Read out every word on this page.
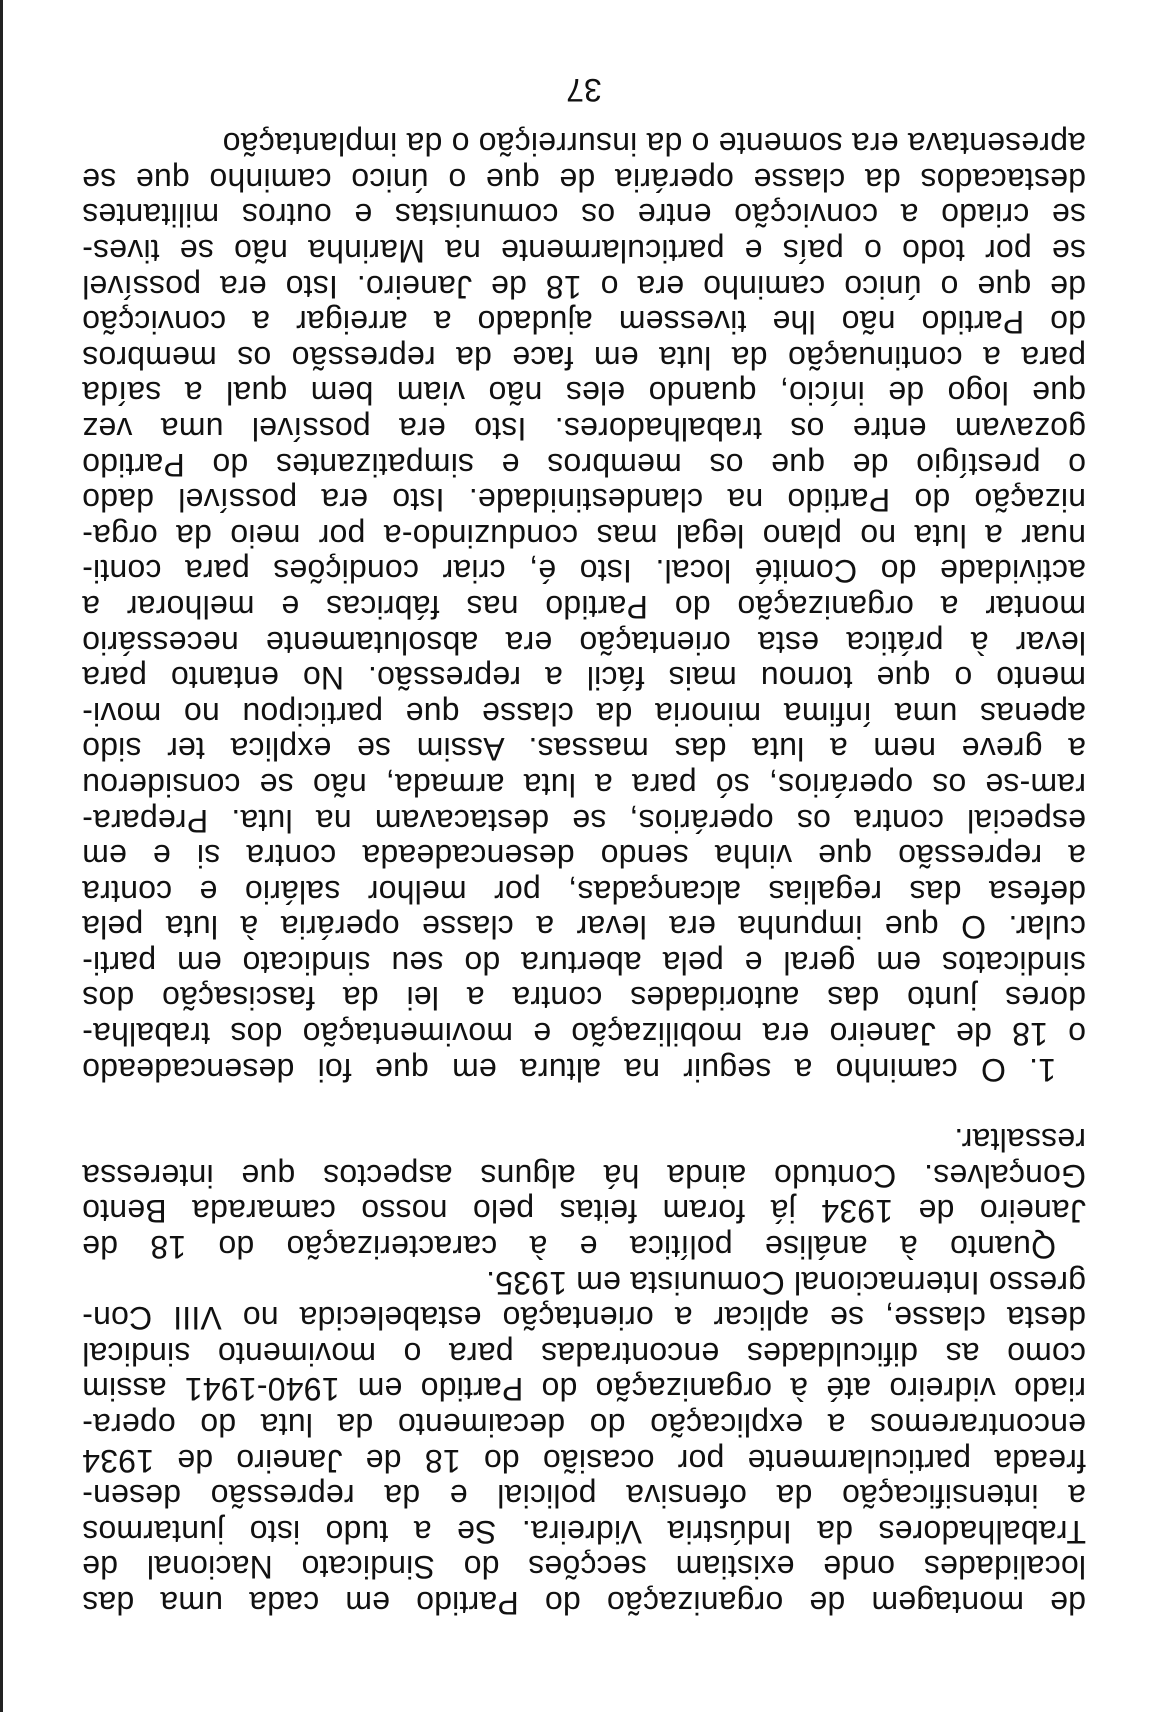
de montagem de organização do Partido em cada uma das
localidades onde existiam secções do Sindicato Nacional de
Trabalhadores da Indústria Vidreira. Se a tudo isto juntarmos
a intensificação da ofensiva policial e da repressão desen-
freada particularmente por ocasião do 18 de Janeiro de 1934
encontraremos a explicação do decaimento da luta do opera-
riado vidreiro até à organização do Partido em 1940-1941 assim
como as dificuldades encontradas para o movimento sindical
desta classe, se aplicar a orientação estabelecida no VIII Con-
gresso Internacional Comunista em 1935.
Quanto à análise política e à caracterização do 18 de
Janeiro de 1934 já foram feitas pelo nosso camarada Bento
Gonçalves. Contudo ainda há alguns aspectos que interessa
ressaltar.
1. O caminho a seguir na altura em que foi desencadeado
o 18 de Janeiro era mobilização e movimentação dos trabalha-
dores junto das autoridades contra a lei da fascisação dos
sindicatos em geral e pela abertura do seu sindicato em parti-
cular. O que impunha era levar a classe operária à luta pela
defesa das regalias alcançadas, por melhor salário e contra
a repressão que vinha sendo desencadeada contra si e em
especial contra os operários, se destacavam na luta. Prepara-
ram-se os operários, só para a luta armada, não se considerou
a greve nem a luta das massas. Assim se explica ter sido
apenas uma ínfima minoria da classe que participou no movi-
mento o que tornou mais fácil a repressão. No entanto para
levar à prática esta orientação era absolutamente necessário
montar a organização do Partido nas fábricas e melhorar a
actividade do Comité local. Isto é, criar condições para conti-
nuar a luta no plano legal mas conduzindo-a por meio da orga-
nização do Partido na clandestinidade. Isto era possível dado
o prestígio de que os membros e simpatizantes do Partido
gozavam entre os trabalhadores. Isto era possível uma vez
que logo de início, quando eles não viam bem qual a saída
para a continuação da luta em face da repressão os membros
do Partido não lhe tivessem ajudado a arreigar a convicção
de que o único caminho era o 18 de Janeiro. Isto era possível
se por todo o país e particularmente na Marinha não se tives-
se criado a convicção entre os comunistas e outros militantes
destacados da classe operária de que o único caminho que se
apresentava era somente o da insurreição o da implantação
37
